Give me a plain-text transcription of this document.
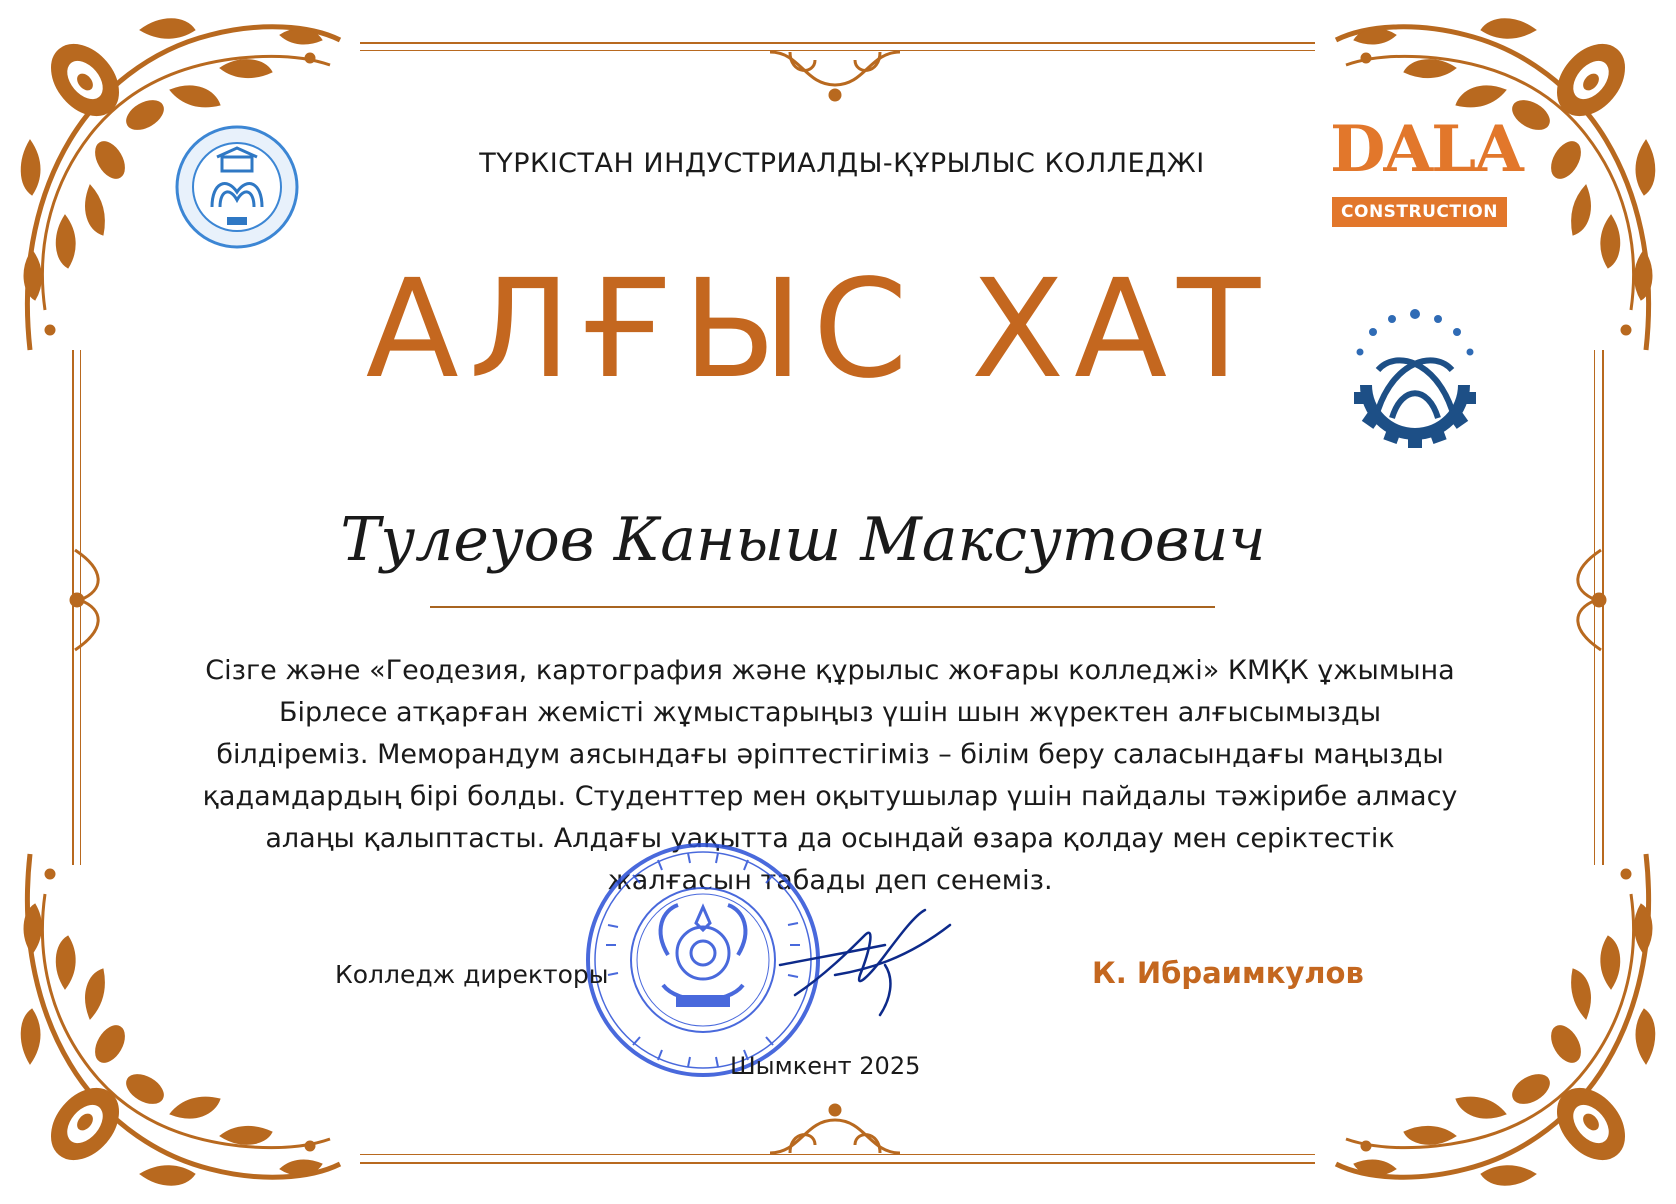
DALA
CONSTRUCTION
ТҮРКІСТАН ИНДУСТРИАЛДЫ-ҚҰРЫЛЫС КОЛЛЕДЖІ
АЛҒЫС ХАТ
Тулеуов Каныш Максутович
Сізге және «Геодезия, картография және құрылыс жоғары колледжі» КМҚК ұжымына
Бірлесе атқарған жемісті жұмыстарыңыз үшін шын жүректен алғысымызды
білдіреміз. Меморандум аясындағы әріптестігіміз – білім беру саласындағы маңызды
қадамдардың бірі болды. Студенттер мен оқытушылар үшін пайдалы тәжірибе алмасу
алаңы қалыптасты. Алдағы уақытта да осындай өзара қолдау мен серіктестік
жалғасын табады деп сенеміз.
Колледж директоры	К. Ибраимкулов
Шымкент 2025
